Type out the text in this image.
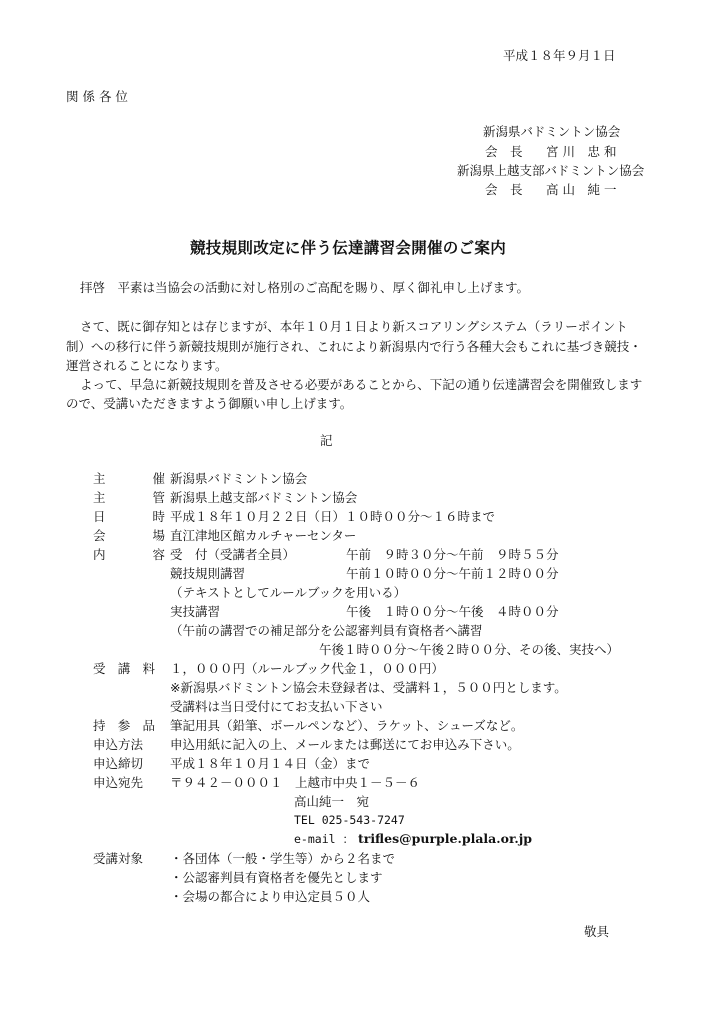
平成１８年９月１日
関 係 各 位
新潟県バドミントン協会
会　長 宮 川　忠 和
新潟県上越支部バドミントン協会
会　長 高 山　純 一
競技規則改定に伴う伝達講習会開催のご案内
拝啓　平素は当協会の活動に対し格別のご高配を賜り、厚く御礼申し上げます。
さて、既に御存知とは存じますが、本年１０月１日より新スコアリングシステム（ラリーポイント
制）への移行に伴う新競技規則が施行され、これにより新潟県内で行う各種大会もこれに基づき競技・
運営されることになります。
よって、早急に新競技規則を普及させる必要があることから、下記の通り伝達講習会を開催致します
ので、受講いただきますよう御願い申し上げます。
記
主	催 新潟県バドミントン協会
主	管 新潟県上越支部バドミントン協会
日	時 平成１８年１０月２２日（日）１０時００分～１６時まで
会	場 直江津地区館カルチャーセンター
内	容 受　付（受講者全員）	午前　９時３０分～午前　９時５５分
競技規則講習	午前１０時００分～午前１２時００分
（テキストとしてルールブックを用いる）
実技講習	午後　１時００分～午後　４時００分
（午前の講習での補足部分を公認審判員有資格者へ講習
午後１時００分～午後２時００分、その後、実技へ）
受 講 料 １，０００円（ルールブック代金１，０００円）
※新潟県バドミントン協会未登録者は、受講料１，５００円とします。
受講料は当日受付にてお支払い下さい
持 参 品 筆記用具（鉛筆、ボールペンなど）、ラケット、シューズなど。
申込方法 申込用紙に記入の上、メールまたは郵送にてお申込み下さい。
申込締切 平成１８年１０月１４日（金）まで
申込宛先 〒９４２－０００１　上越市中央１－５－６
高山純一　宛
TEL 025-543-7247
e-mail ： trifles@purple.plala.or.jp
受講対象 ・各団体（一般・学生等）から２名まで
・公認審判員有資格者を優先とします
・会場の都合により申込定員５０人
敬具
